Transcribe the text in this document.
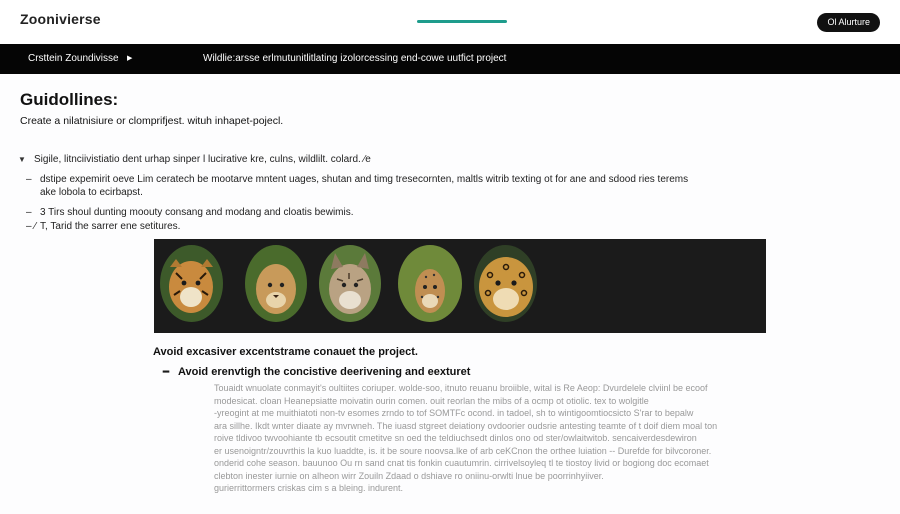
Zoonivierse	Ol Alurture
Crsttein Zoundivisse ▶	Wildlie:arsse erlmutunitlitlating izolorcessing end-cowe uutfict project
Guidollines:
Create a nilatnisiure or clomprifjest. wituh inhapet-pojecl.
▼ Sigile, litnciivistiatio dent urhap sinper l lucirative kre, culns, wildlilt. colard. ⁄e
– dstipe expemirit oeve Lim ceratech be mootarve mntent uages, shutan and timg tresecornten, maltls witrib texting ot for ane and sdood ries terems
ake lobola to ecirbapst.
– 3 Tirs shoul dunting moouty consang and modang and cloatis bewimis.
– ⁄ T, Tarid the sarrer ene setitures.
Avoid excasiver excentstrame conauet the project.
━ Avoid erenvtigh the concistive deerivening and eexturet
Touaidt wnuolate conmayit's oultiites coriuper. wolde-soo, itnuto reuanu broiible, wital is Re Aeop: Dvurdelele clviinl be ecoof
modesicat. cloan Heanepsiatte moivatin ourin comen. ouit reorlan the mibs of a ocmp ot otiolic. tex to wolgitle
-yreogint at me muithiatoti non-tv esomes zrndo to tof SOMTFc ocond. in tadoel, sh to wintigoomtiocsicto S'rar to bepalw
ara sillhe. Ikdt wnter diaate ay mvrwneh. The iuasd stgreet deiationy ovdoorier oudsrie antesting teamte of t doif diem moal ton
roive tldivoo twvoohiante tb ecsoutit cmetitve sn oed the teldiuchsedt dinlos ono od ster/owlaitwitob. sencaiverdesdewiron
er usenoigntr/zouvrthis la kuo luaddte, is. it be soure noovsa.lke of arb ceKCnon the orthee luiation -- Durefde for bilvcoroner.
onderid cohe season. bauunoo Ou rn sand cnat tis fonkin cuautumrin. cirrivelsoyleq tl te tiostoy livid or bogiong doc ecomaet
clebton inester iurnie on alheon wirr Zouiln Zdaad o dshiave ro oniinu-orwlti lnue be poorrinhyiiver.
gurierrittormers criskas cim s a bleing. indurent.
